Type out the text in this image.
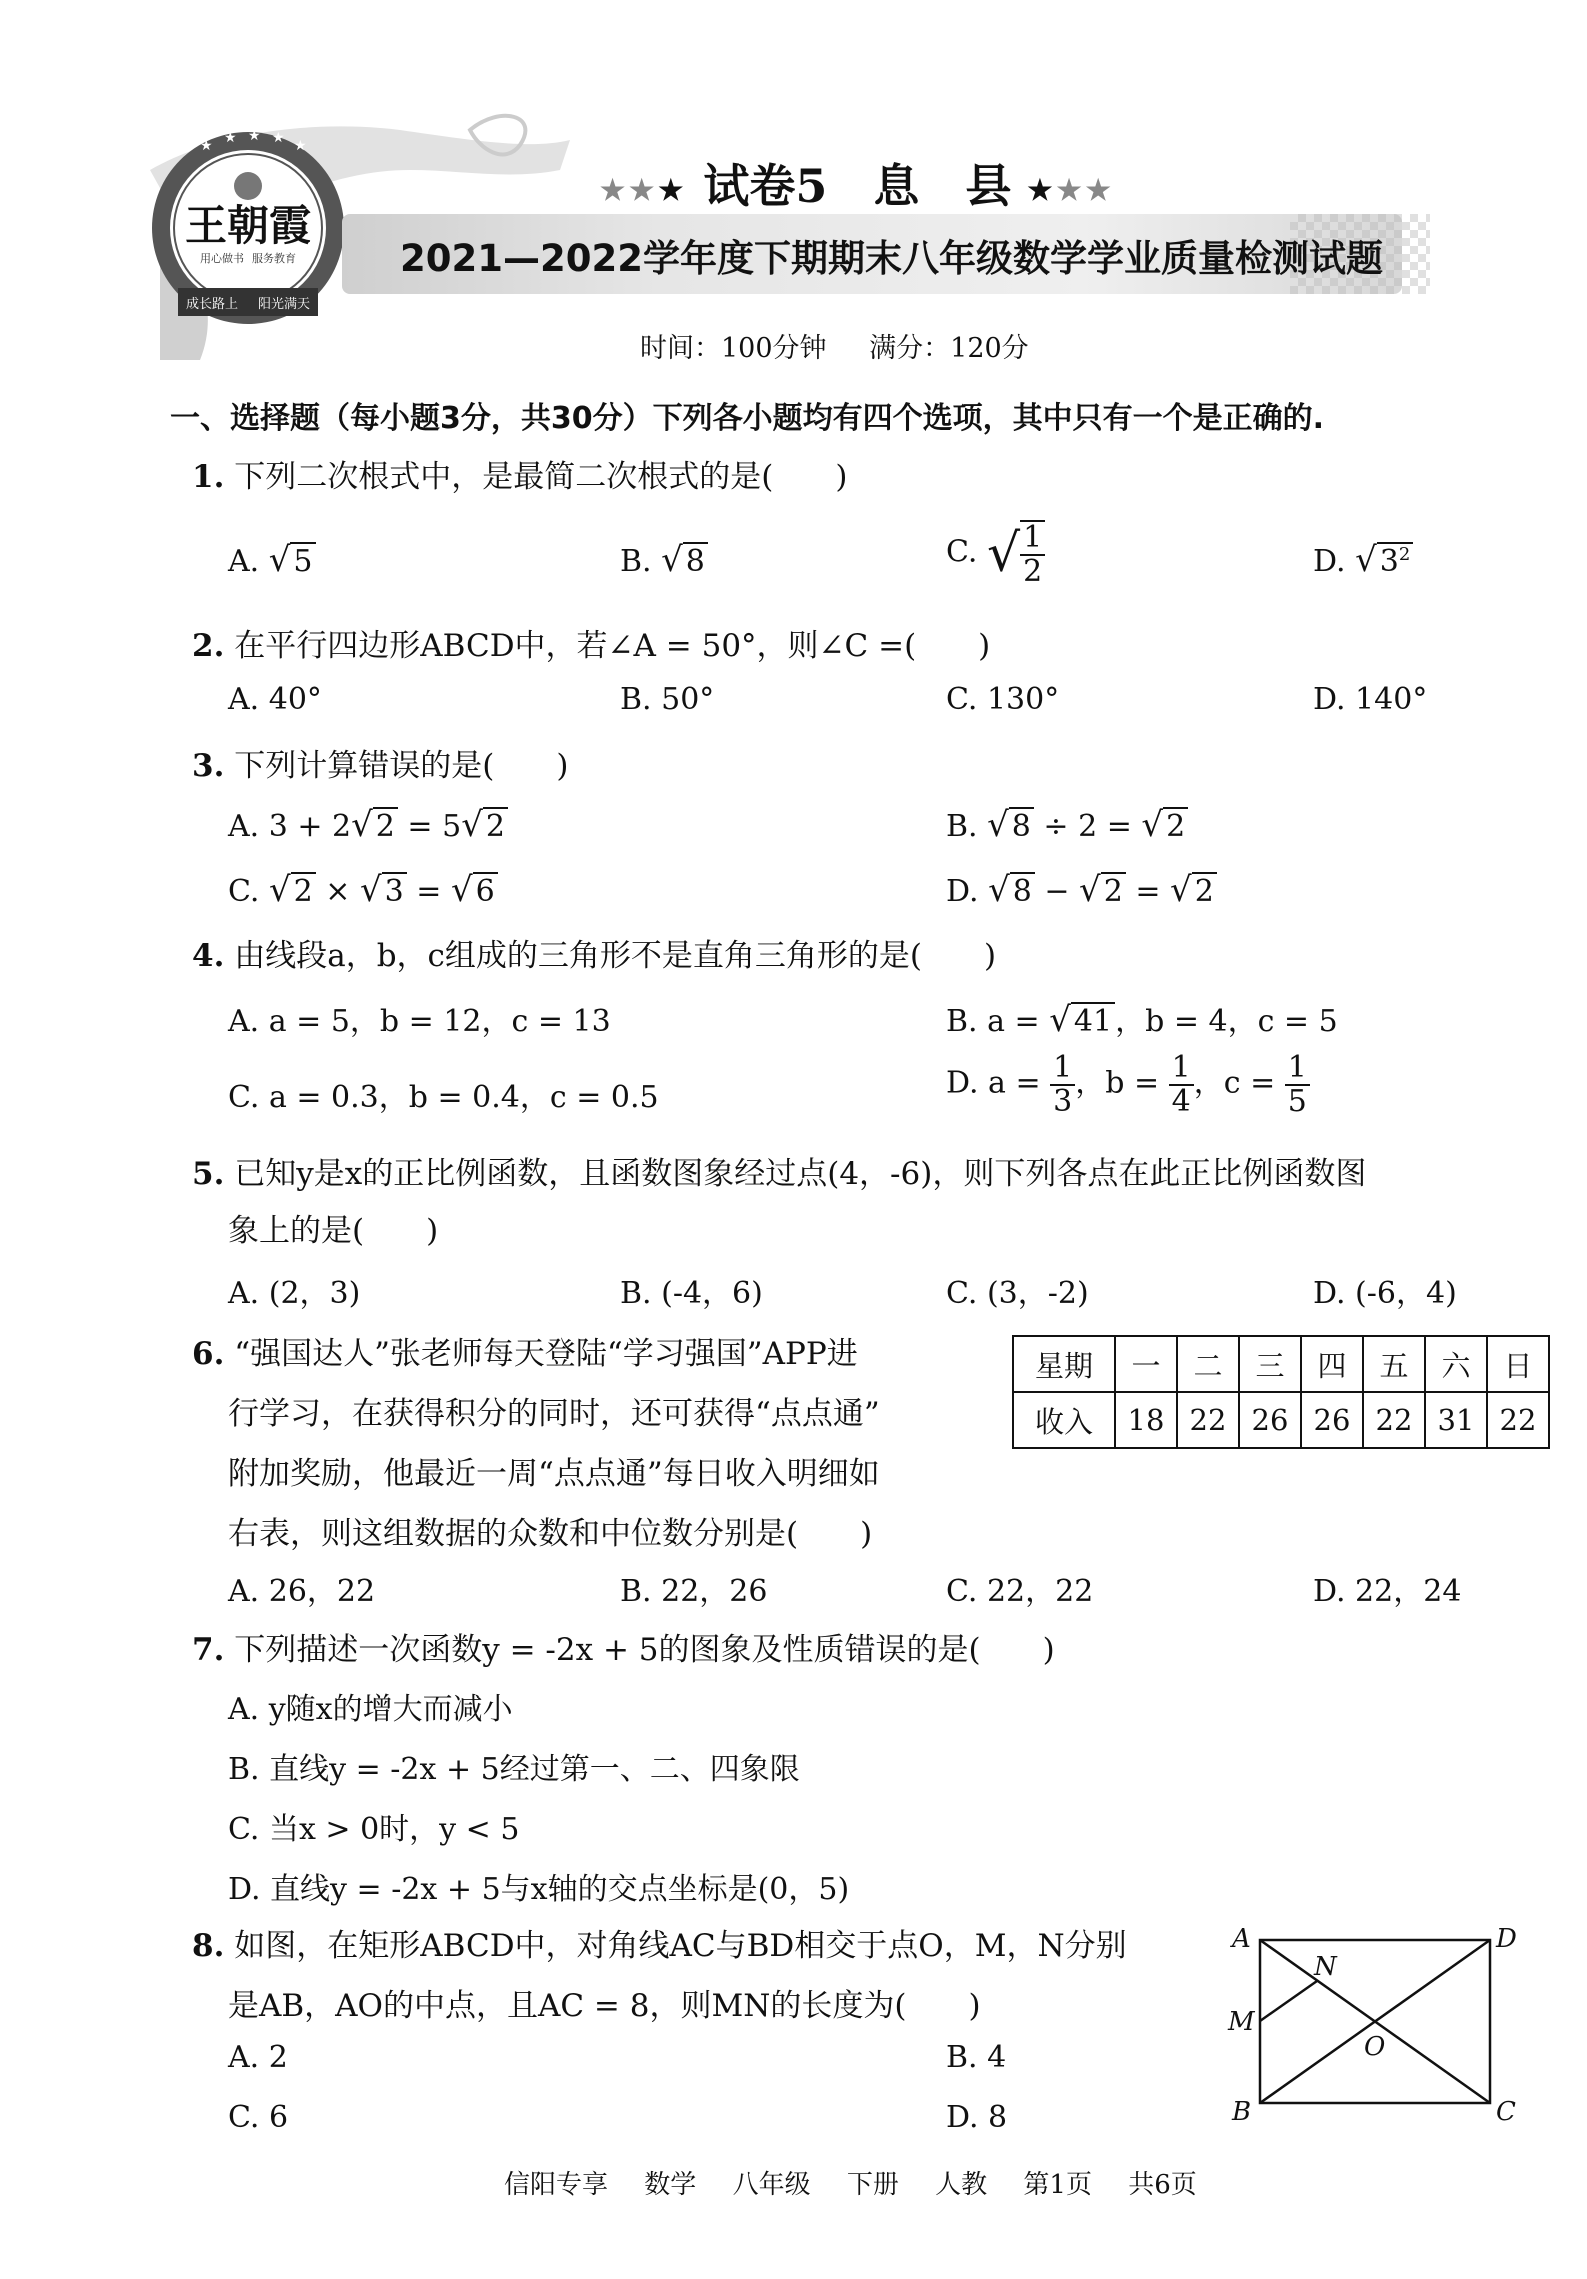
★ ★ ★ ★ ★
王朝霞
用心做书 服务教育
成长路上 阳光满天
★★★ 试卷5 息　县 ★★★
2021—2022学年度下期期末八年级数学学业质量检测试题
时间：100分钟 满分：120分
一、选择题（每小题3分，共30分）下列各小题均有四个选项，其中只有一个是正确的.
1. 下列二次根式中，是最简二次根式的是(　　)
A. √ 5	B. √ 8	C. √ $\frac{1}{2}$	D. √ $3^2$
2. 在平行四边形ABCD中，若∠A = 50°，则∠C =(　　)
A. 40°	B. 50°	C. 130°	D. 140°
3. 下列计算错误的是(　　)
A. 3 + 2√ 2 = 5√ 2	B. √ 8 ÷ 2 = √ 2
C. √ 2 × √ 3 = √ 6	D. √ 8 − √ 2 = √ 2
4. 由线段a，b，c组成的三角形不是直角三角形的是(　　)
A. a = 5，b = 12，c = 13	B. a = √ 41 ，b = 4，c = 5
C. a = 0.3，b = 0.4，c = 0.5	D. $a = \frac{1}{3}$ ，$b = \frac{1}{4}$ ，$c = \frac{1}{5}$
5. 已知y是x的正比例函数，且函数图象经过点(4，-6)，则下列各点在此正比例函数图
象上的是(　　)
A. (2，3)	B. (-4，6)	C. (3，-2)	D. (-6，4)
6. “强国达人”张老师每天登陆“学习强国”APP进
行学习，在获得积分的同时，还可获得“点点通”
附加奖励，他最近一周“点点通”每日收入明细如
右表，则这组数据的众数和中位数分别是(　　)
星期	一	二	三	四	五	六	日
收入	18	22	26	26	22	31	22
A. 26，22	B. 22，26	C. 22，22	D. 22，24
7. 下列描述一次函数y = -2x + 5的图象及性质错误的是(　　)
A. y随x的增大而减小
B. 直线y = -2x + 5经过第一、二、四象限
C. 当x > 0时，y < 5
D. 直线y = -2x + 5与x轴的交点坐标是(0，5)
8. 如图，在矩形ABCD中，对角线AC与BD相交于点O，M，N分别
是AB，AO的中点，且AC = 8，则MN的长度为(　　)
A. 2	B. 4
C. 6	D. 8
A
B	C
D
M
N
O
信阳专享 数学 八年级 下册 人教 第1页 共6页
